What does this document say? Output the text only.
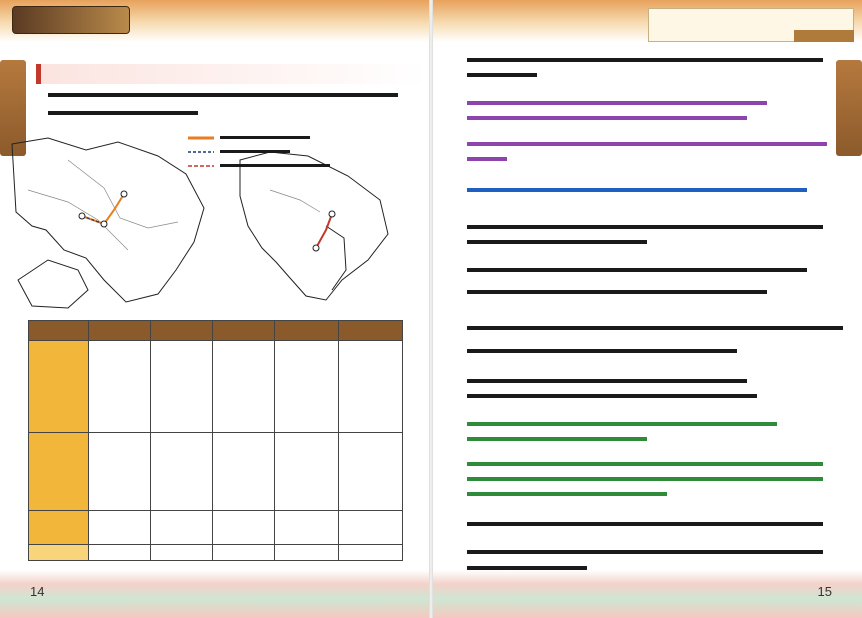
14	15
